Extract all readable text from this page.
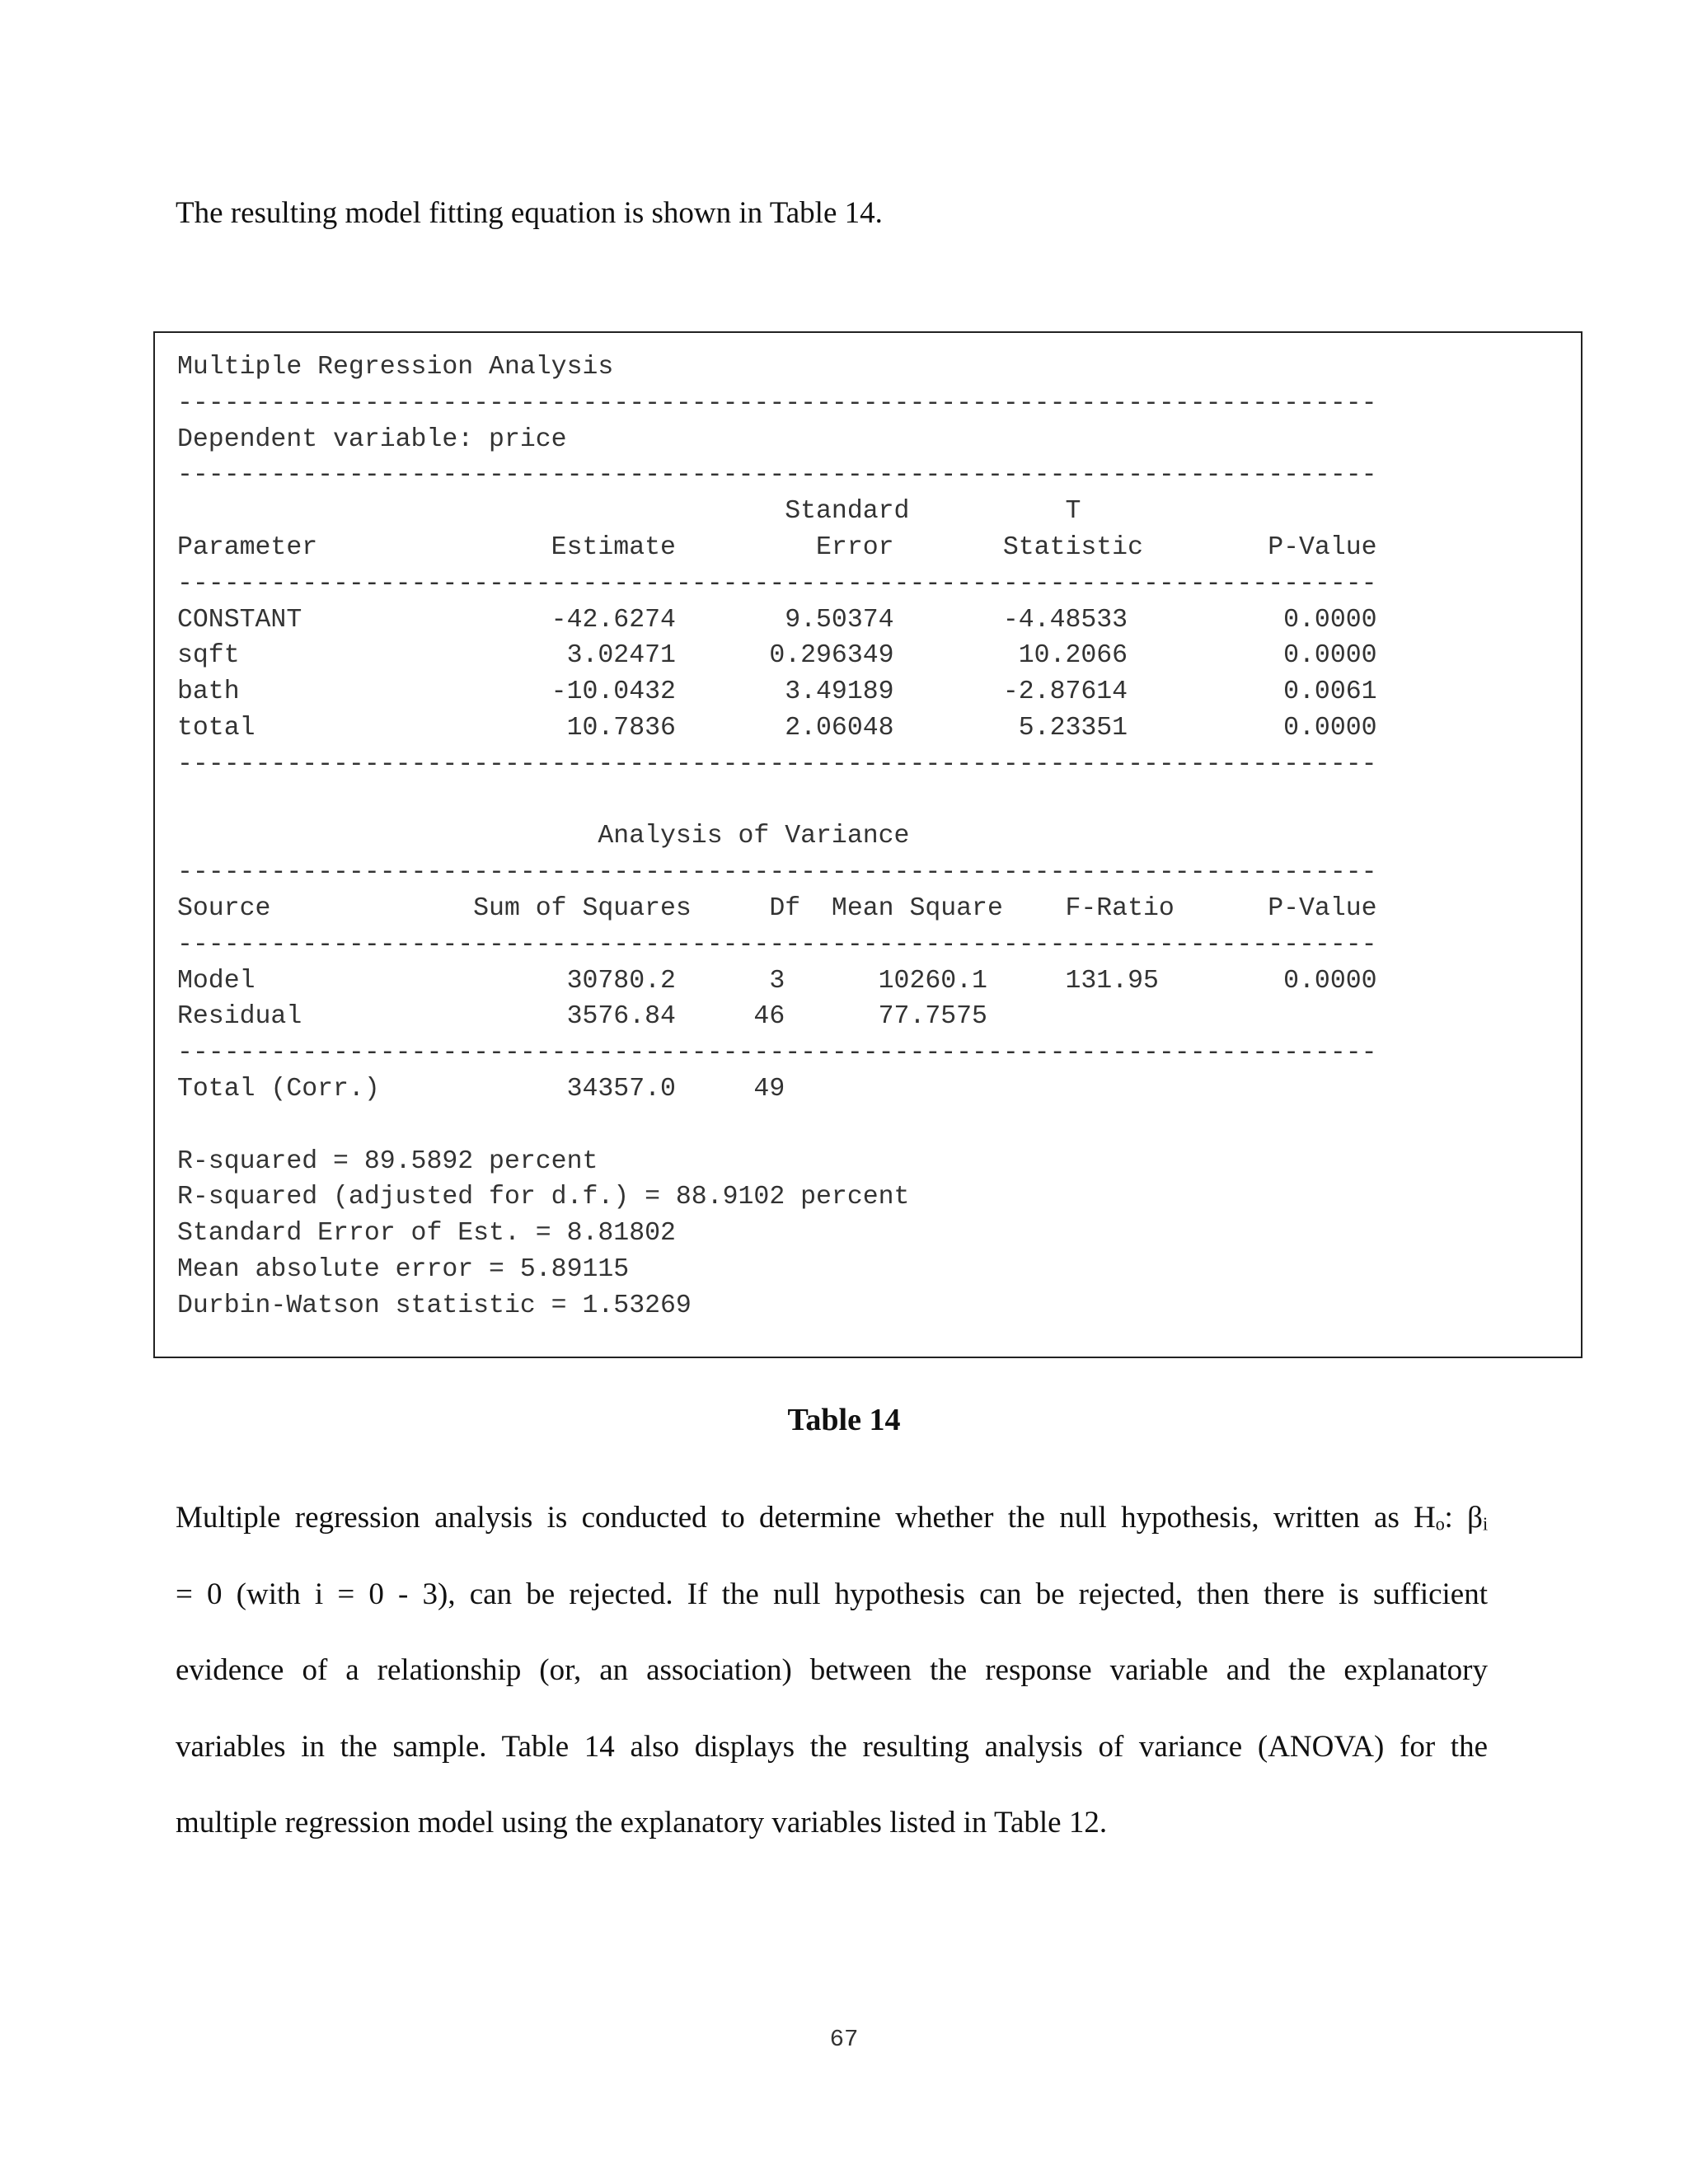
The resulting model fitting equation is shown in Table 14.
Multiple Regression Analysis
-----------------------------------------------------------------------------
Dependent variable: price
-----------------------------------------------------------------------------
Standard          T
Parameter               Estimate         Error       Statistic        P-Value
-----------------------------------------------------------------------------
CONSTANT                -42.6274       9.50374       -4.48533          0.0000
sqft                     3.02471      0.296349        10.2066          0.0000
bath                    -10.0432       3.49189       -2.87614          0.0061
total                    10.7836       2.06048        5.23351          0.0000
-----------------------------------------------------------------------------
Analysis of Variance
-----------------------------------------------------------------------------
Source             Sum of Squares     Df  Mean Square    F-Ratio      P-Value
-----------------------------------------------------------------------------
Model                    30780.2      3      10260.1     131.95        0.0000
Residual                 3576.84     46      77.7575
-----------------------------------------------------------------------------
Total (Corr.)            34357.0     49
R-squared = 89.5892 percent
R-squared (adjusted for d.f.) = 88.9102 percent
Standard Error of Est. = 8.81802
Mean absolute error = 5.89115
Durbin-Watson statistic = 1.53269
Table 14
Multiple regression analysis is conducted to determine whether the null hypothesis, written as Hₒ: βᵢ
= 0 (with i = 0 - 3), can be rejected. If the null hypothesis can be rejected, then there is sufficient
evidence of a relationship (or, an association) between the response variable and the explanatory
variables in the sample. Table 14 also displays the resulting analysis of variance (ANOVA) for the
multiple regression model using the explanatory variables listed in Table 12.
67
